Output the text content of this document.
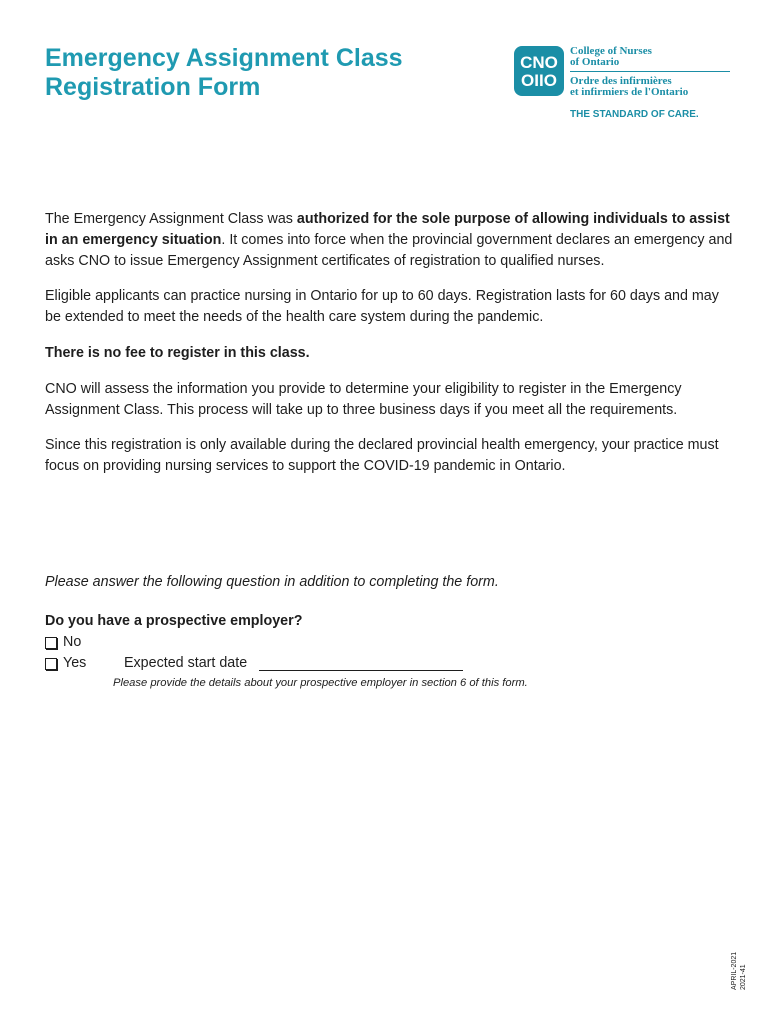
Emergency Assignment Class
Registration Form
CNO
OIIO
College of Nurses
of Ontario
Ordre des infirmières
et infirmiers de l'Ontario
THE STANDARD OF CARE.

The Emergency Assignment Class was authorized for the sole purpose of allowing individuals to assist in an emergency situation. It comes into force when the provincial government declares an emergency and asks CNO to issue Emergency Assignment certificates of registration to qualified nurses.

Eligible applicants can practice nursing in Ontario for up to 60 days. Registration lasts for 60 days and may be extended to meet the needs of the health care system during the pandemic.

There is no fee to register in this class.

CNO will assess the information you provide to determine your eligibility to register in the Emergency Assignment Class. This process will take up to three business days if you meet all the requirements.

Since this registration is only available during the declared provincial health emergency, your practice must focus on providing nursing services to support the COVID-19 pandemic in Ontario.

Please answer the following question in addition to completing the form.

Do you have a prospective employer?

No
Yes	Expected start date

Please provide the details about your prospective employer in section 6 of this form.

APRIL-2021 2021-41
